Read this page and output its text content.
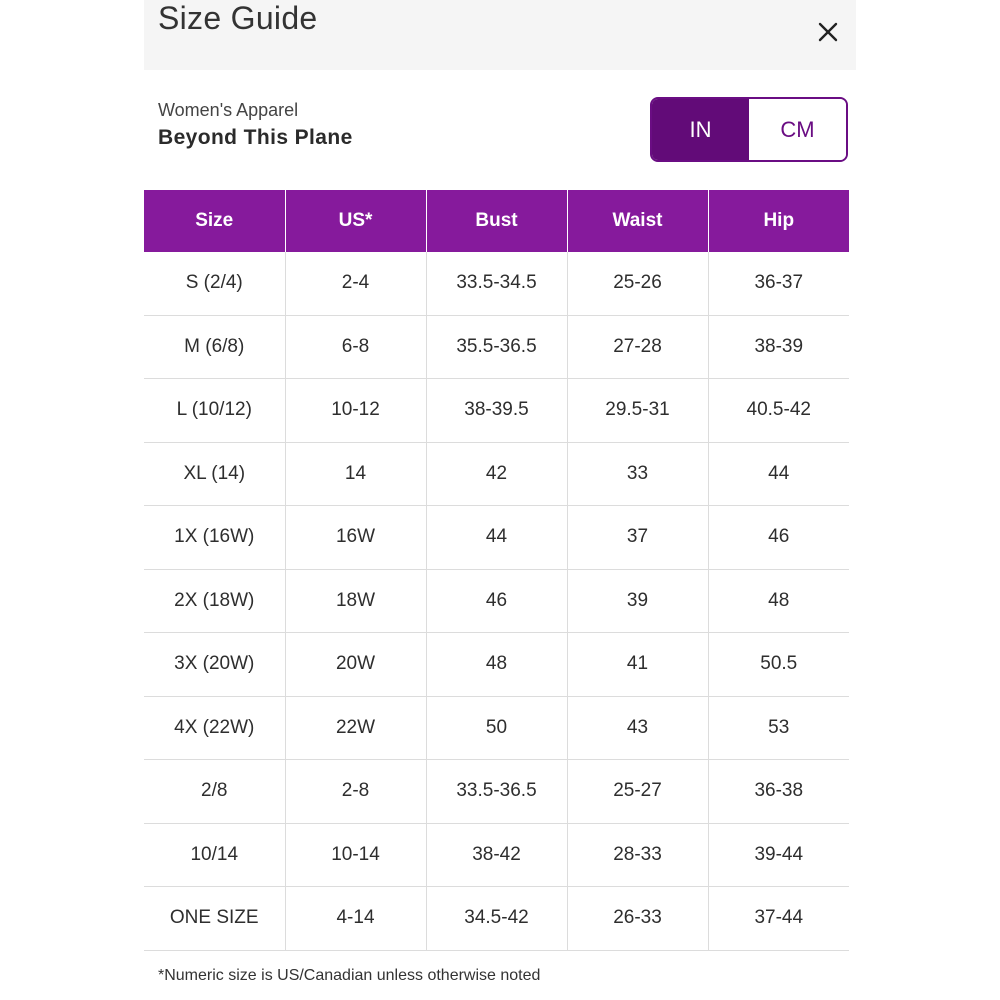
Size Guide
Women's Apparel
Beyond This Plane	IN	CM
Size	US*	Bust	Waist	Hip
S (2/4)	2-4	33.5-34.5	25-26	36-37
M (6/8)	6-8	35.5-36.5	27-28	38-39
L (10/12)	10-12	38-39.5	29.5-31	40.5-42
XL (14)	14	42	33	44
1X (16W)	16W	44	37	46
2X (18W)	18W	46	39	48
3X (20W)	20W	48	41	50.5
4X (22W)	22W	50	43	53
2/8	2-8	33.5-36.5	25-27	36-38
10/14	10-14	38-42	28-33	39-44
ONE SIZE	4-14	34.5-42	26-33	37-44
*Numeric size is US/Canadian unless otherwise noted
